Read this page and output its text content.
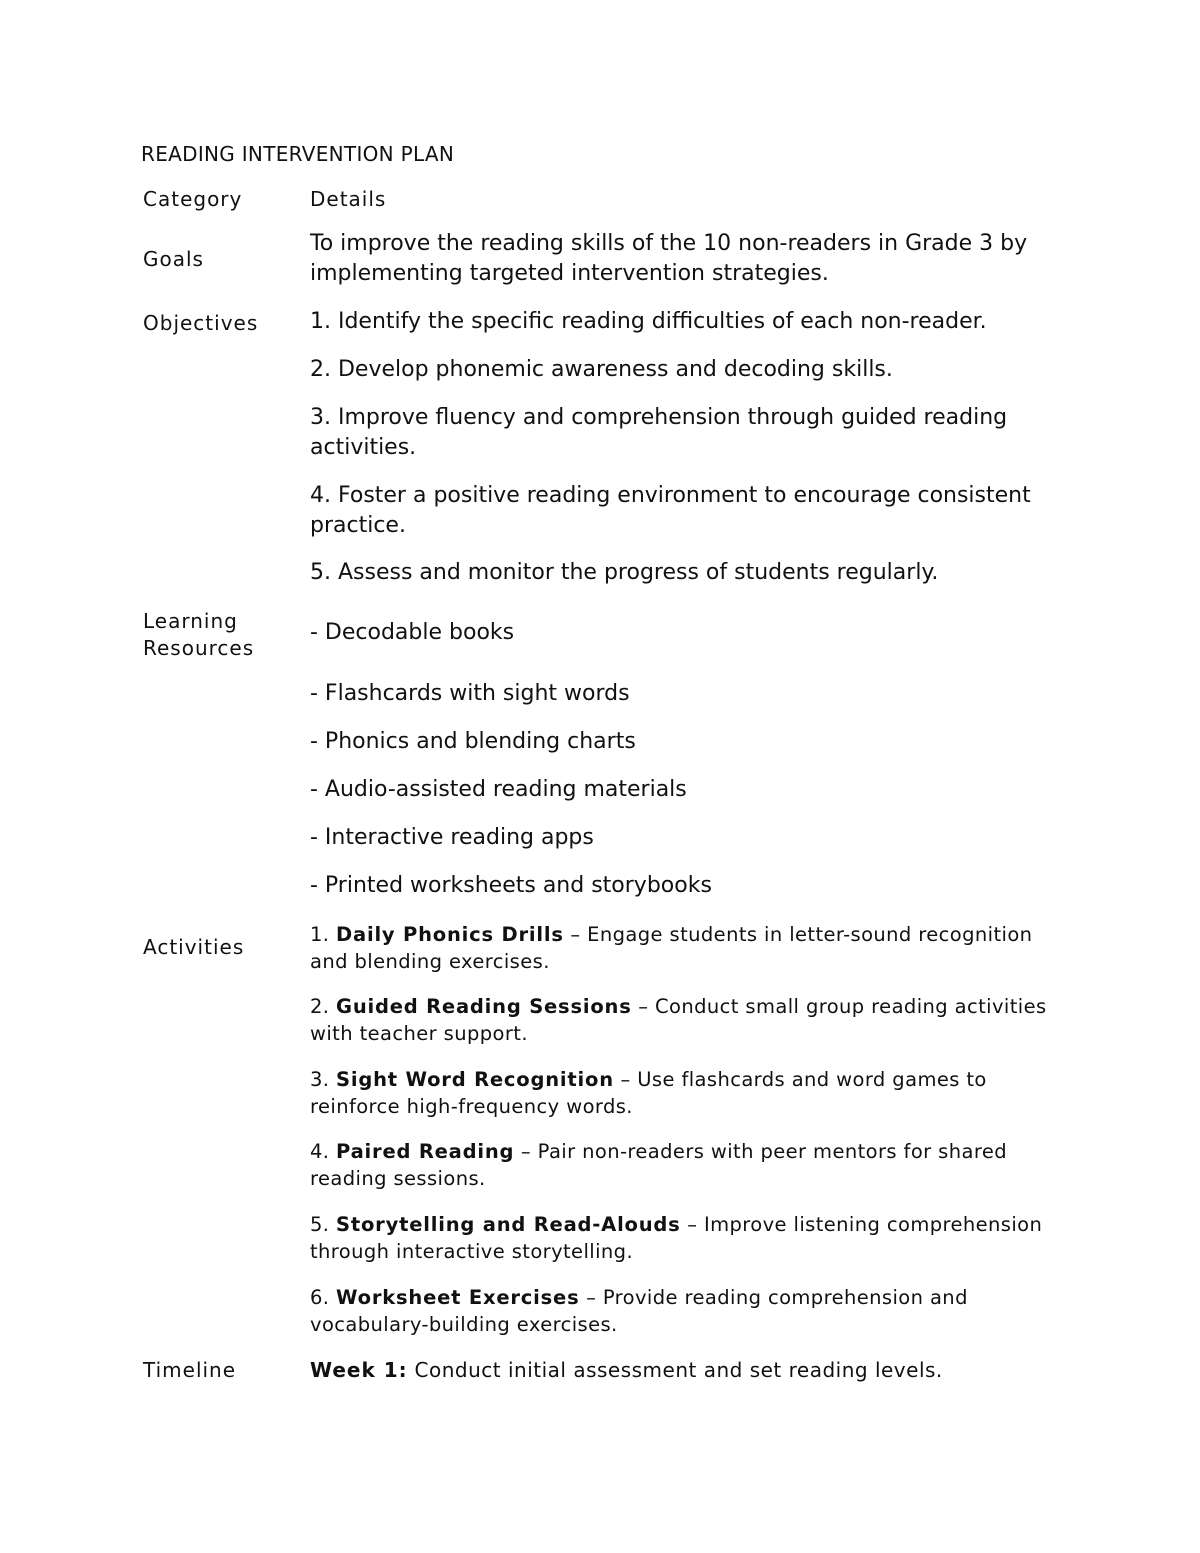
READING INTERVENTION PLAN
Category	Details
Goals
To improve the reading skills of the 10 non-readers in Grade 3 by implementing targeted intervention strategies.
Objectives 1. Identify the specific reading difficulties of each non-reader.
2. Develop phonemic awareness and decoding skills.
3. Improve fluency and comprehension through guided reading activities.
4. Foster a positive reading environment to encourage consistent practice.
5. Assess and monitor the progress of students regularly.
Learning
Resources
- Decodable books
- Flashcards with sight words
- Phonics and blending charts
- Audio-assisted reading materials
- Interactive reading apps
- Printed worksheets and storybooks
Activities
1. Daily Phonics Drills – Engage students in letter-sound recognition and blending exercises.
2. Guided Reading Sessions – Conduct small group reading activities with teacher support.
3. Sight Word Recognition – Use flashcards and word games to reinforce high-frequency words.
4. Paired Reading – Pair non-readers with peer mentors for shared reading sessions.
5. Storytelling and Read-Alouds – Improve listening comprehension through interactive storytelling.
6. Worksheet Exercises – Provide reading comprehension and vocabulary-building exercises.
Timeline	Week 1: Conduct initial assessment and set reading levels.
